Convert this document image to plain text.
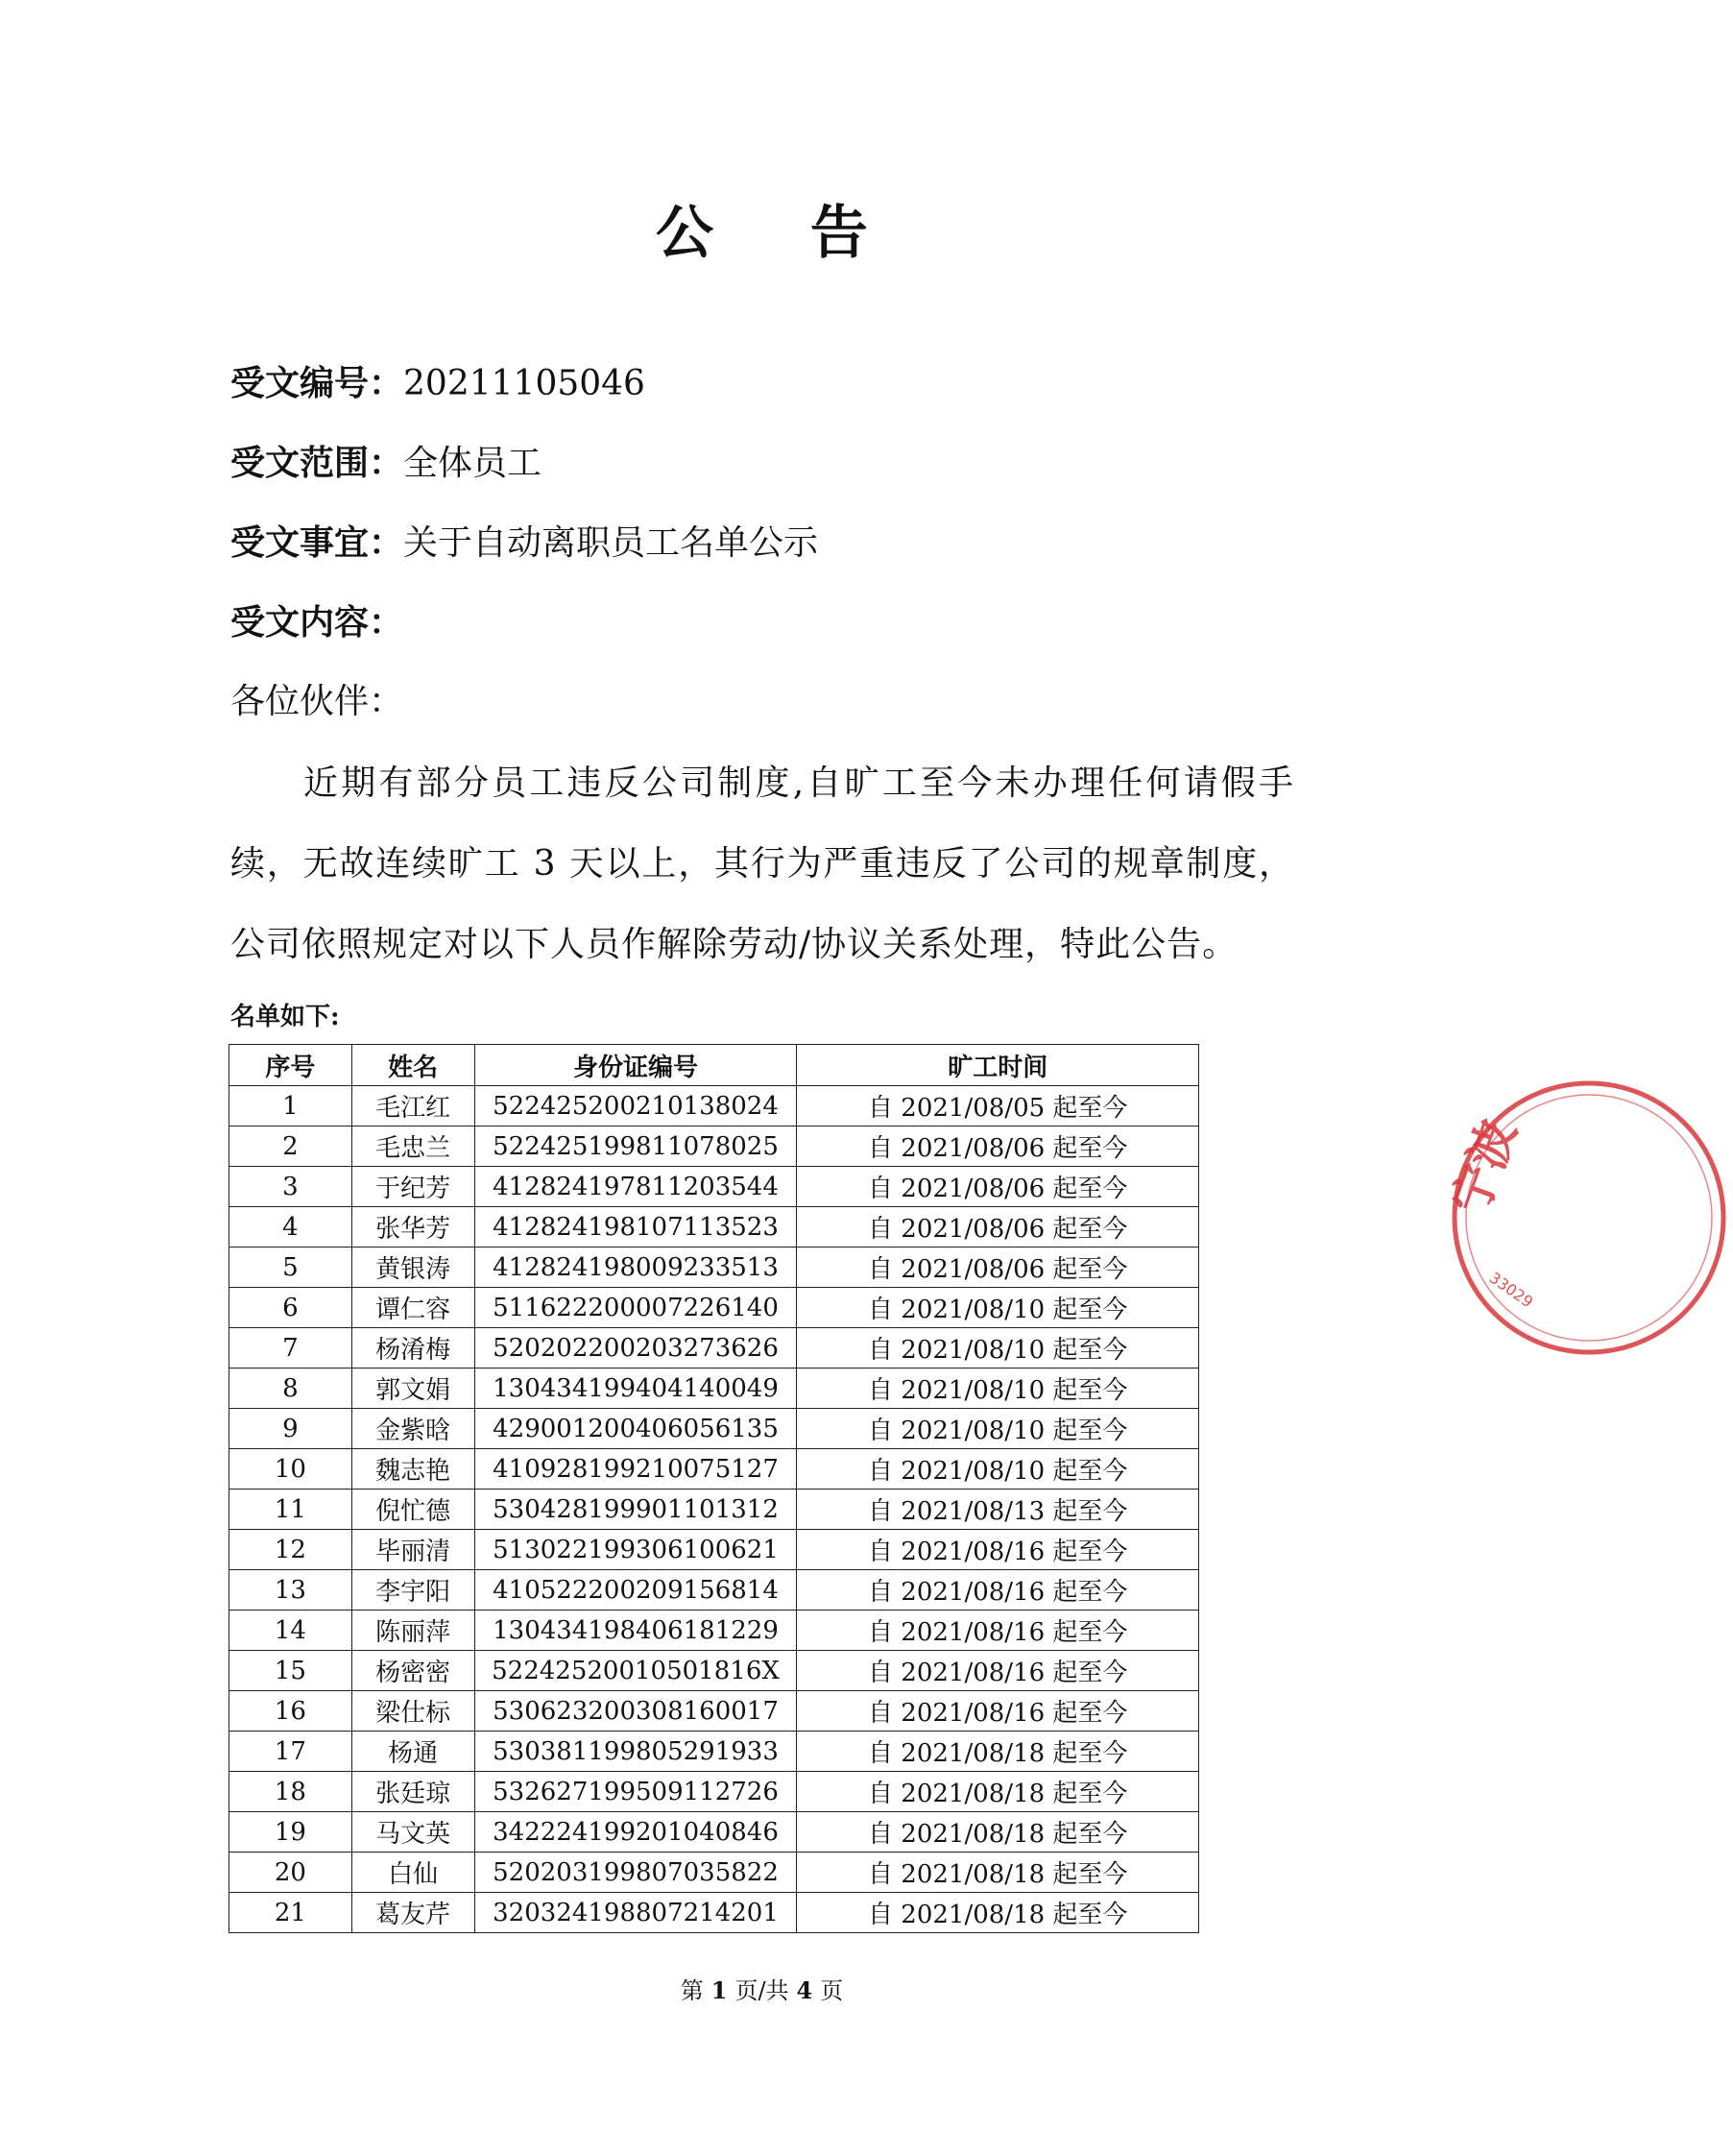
公 告
受文编号：20211105046
受文范围：全体员工
受文事宜：关于自动离职员工名单公示
受文内容：
各位伙伴：

近期有部分员工违反公司制度,自旷工至今未办理任何请假手续，无故连续旷工 3 天以上，其行为严重违反了公司的规章制度，公司依照规定对以下人员作解除劳动/协议关系处理，特此公告。

名单如下:
序号	姓名	身份证编号	旷工时间
1	毛江红	522425200210138024	自 2021/08/05 起至今
2	毛忠兰	522425199811078025	自 2021/08/06 起至今
3	于纪芳	412824197811203544	自 2021/08/06 起至今
4	张华芳	412824198107113523	自 2021/08/06 起至今
5	黄银涛	412824198009233513	自 2021/08/06 起至今
6	谭仁容	511622200007226140	自 2021/08/10 起至今
7	杨淆梅	520202200203273626	自 2021/08/10 起至今
8	郭文娟	130434199404140049	自 2021/08/10 起至今
9	金紫晗	429001200406056135	自 2021/08/10 起至今
10	魏志艳	410928199210075127	自 2021/08/10 起至今
11	倪忙德	530428199901101312	自 2021/08/13 起至今
12	毕丽清	513022199306100621	自 2021/08/16 起至今
13	李宇阳	410522200209156814	自 2021/08/16 起至今
14	陈丽萍	130434198406181229	自 2021/08/16 起至今
15	杨密密	52242520010501816X	自 2021/08/16 起至今
16	梁仕标	530623200308160017	自 2021/08/16 起至今
17	杨通	530381199805291933	自 2021/08/18 起至今
18	张廷琼	532627199509112726	自 2021/08/18 起至今
19	马文英	342224199201040846	自 2021/08/18 起至今
20	白仙	520203199807035822	自 2021/08/18 起至今
21	葛友芹	320324198807214201	自 2021/08/18 起至今
第 1 页/共 4 页
宁波
33029
